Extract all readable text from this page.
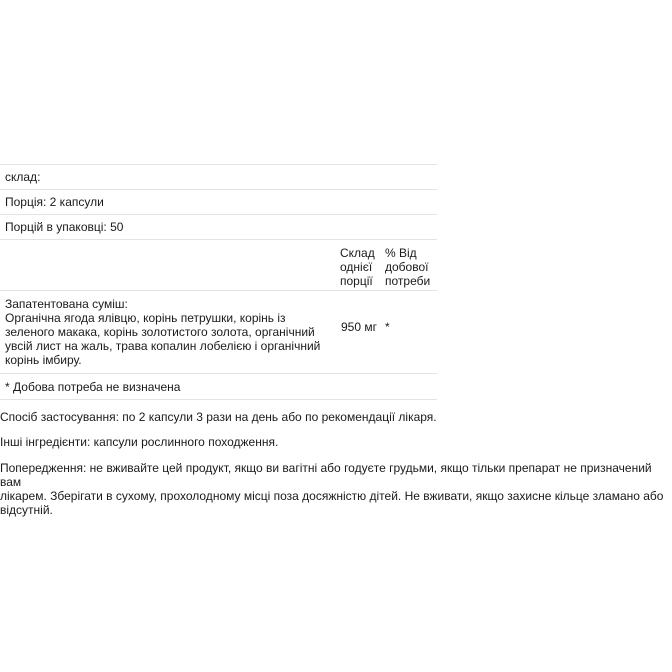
склад:
Порція: 2 капсули
Порцій в упаковці: 50
Склад однієї порції
% Від добової потреби
Запатентована суміш:
Органічна ягода ялівцю, корінь петрушки, корінь із зеленого макака, корінь золотистого золота, органічний увсій лист на жаль, трава копалин лобелією і органічний корінь імбиру.
950 мг *
* Добова потреба не визначена
Спосіб застосування: по 2 капсули 3 рази на день або по рекомендації лікаря.
Інші інгредієнти: капсули рослинного походження.
Попередження: не вживайте цей продукт, якщо ви вагітні або годуєте грудьми, якщо тільки препарат не призначений вам
лікарем. Зберігати в сухому, прохолодному місці поза досяжністю дітей. Не вживати, якщо захисне кільце зламано або
відсутній.
